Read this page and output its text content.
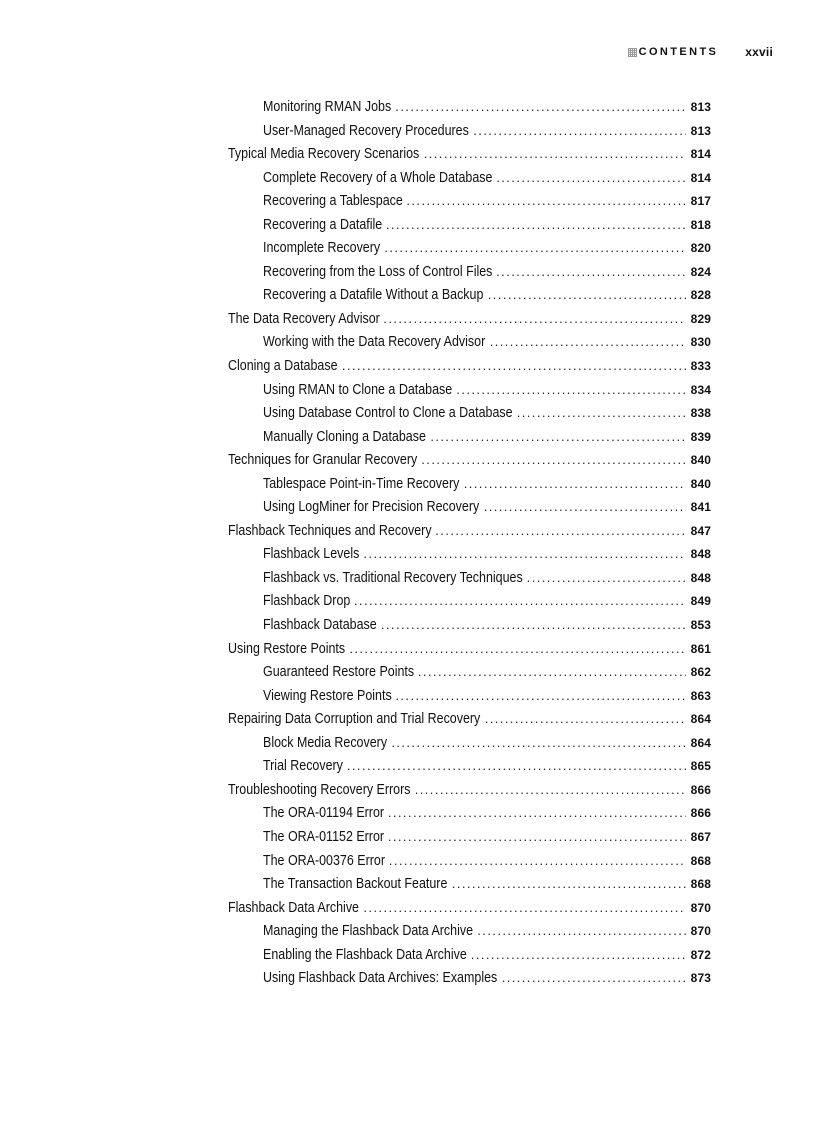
CONTENTS xxvii
Monitoring RMAN Jobs . . .	813
User-Managed Recovery Procedures . . .	813
Typical Media Recovery Scenarios . . .	814
Complete Recovery of a Whole Database . . .	814
Recovering a Tablespace . . .	817
Recovering a Datafile . . .	818
Incomplete Recovery . . .	820
Recovering from the Loss of Control Files . . .	824
Recovering a Datafile Without a Backup . . .	828
The Data Recovery Advisor . . .	829
Working with the Data Recovery Advisor . . .	830
Cloning a Database . . .	833
Using RMAN to Clone a Database . . .	834
Using Database Control to Clone a Database . . .	838
Manually Cloning a Database . . .	839
Techniques for Granular Recovery . . .	840
Tablespace Point-in-Time Recovery . . .	840
Using LogMiner for Precision Recovery . . .	841
Flashback Techniques and Recovery . . .	847
Flashback Levels . . .	848
Flashback vs. Traditional Recovery Techniques . . .	848
Flashback Drop . . .	849
Flashback Database . . .	853
Using Restore Points . . .	861
Guaranteed Restore Points . . .	862
Viewing Restore Points . . .	863
Repairing Data Corruption and Trial Recovery . . .	864
Block Media Recovery . . .	864
Trial Recovery . . .	865
Troubleshooting Recovery Errors . . .	866
The ORA-01194 Error . . .	866
The ORA-01152 Error . . .	867
The ORA-00376 Error . . .	868
The Transaction Backout Feature . . .	868
Flashback Data Archive . . .	870
Managing the Flashback Data Archive . . .	870
Enabling the Flashback Data Archive . . .	872
Using Flashback Data Archives: Examples . . .	873
